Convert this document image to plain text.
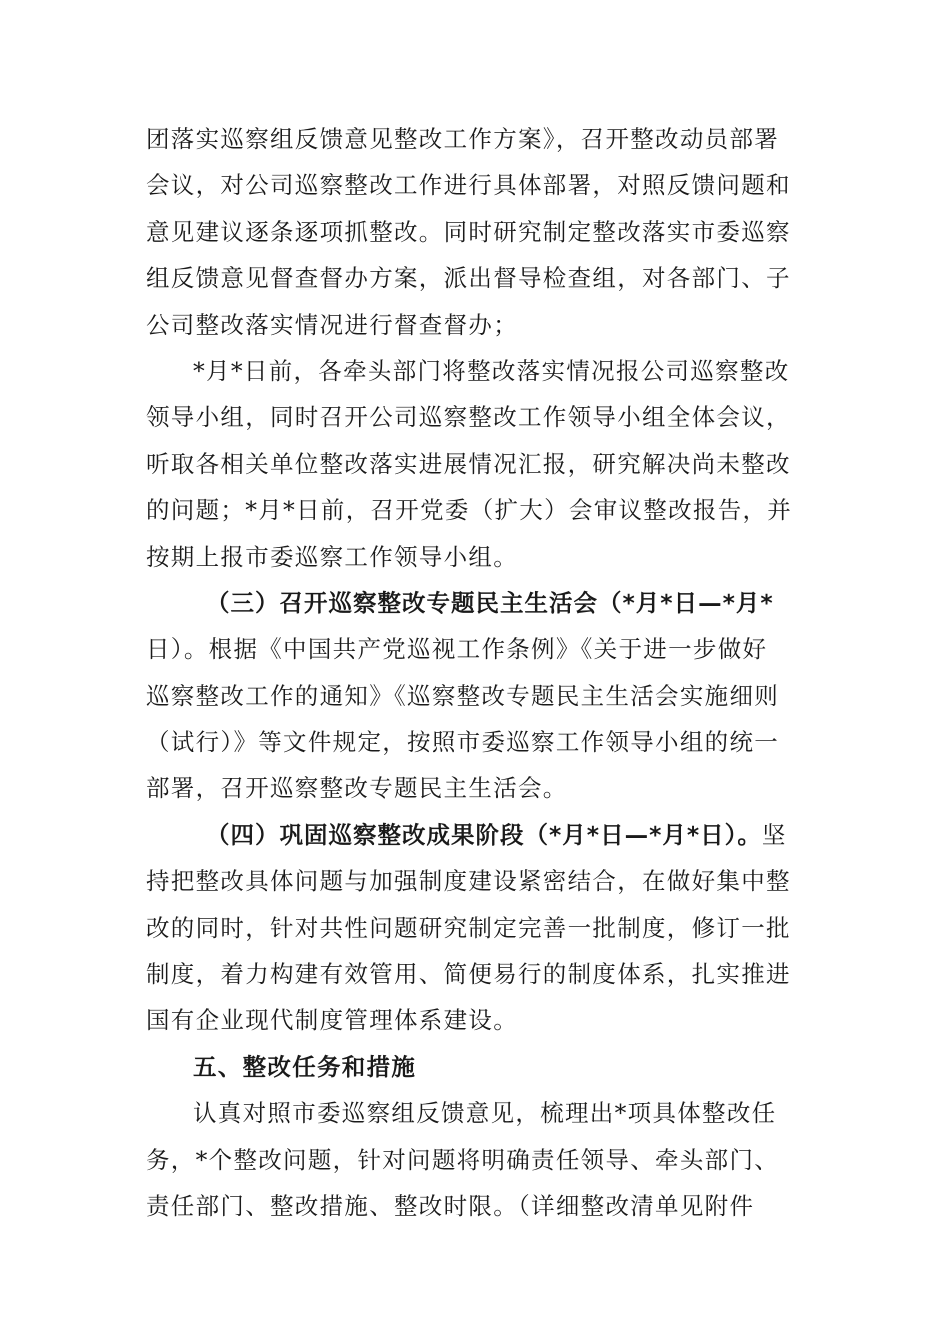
团落实巡察组反馈意见整改工作方案》，召开整改动员部署
会议，对公司巡察整改工作进行具体部署，对照反馈问题和
意见建议逐条逐项抓整改。同时研究制定整改落实市委巡察
组反馈意见督查督办方案，派出督导检查组，对各部门、子
公司整改落实情况进行督查督办；
*月*日前，各牵头部门将整改落实情况报公司巡察整改
领导小组，同时召开公司巡察整改工作领导小组全体会议，
听取各相关单位整改落实进展情况汇报，研究解决尚未整改
的问题；*月*日前，召开党委（扩大）会审议整改报告，并
按期上报市委巡察工作领导小组。
（三）召开巡察整改专题民主生活会（*月*日—*月*
日）。根据《中国共产党巡视工作条例》《关于进一步做好
巡察整改工作的通知》《巡察整改专题民主生活会实施细则
（试行）》等文件规定，按照市委巡察工作领导小组的统一
部署，召开巡察整改专题民主生活会。
（四）巩固巡察整改成果阶段（*月*日—*月*日）。坚
持把整改具体问题与加强制度建设紧密结合，在做好集中整
改的同时，针对共性问题研究制定完善一批制度，修订一批
制度，着力构建有效管用、简便易行的制度体系，扎实推进
国有企业现代制度管理体系建设。
五、整改任务和措施
认真对照市委巡察组反馈意见，梳理出*项具体整改任
务，*个整改问题，针对问题将明确责任领导、牵头部门、
责任部门、整改措施、整改时限。（详细整改清单见附件
